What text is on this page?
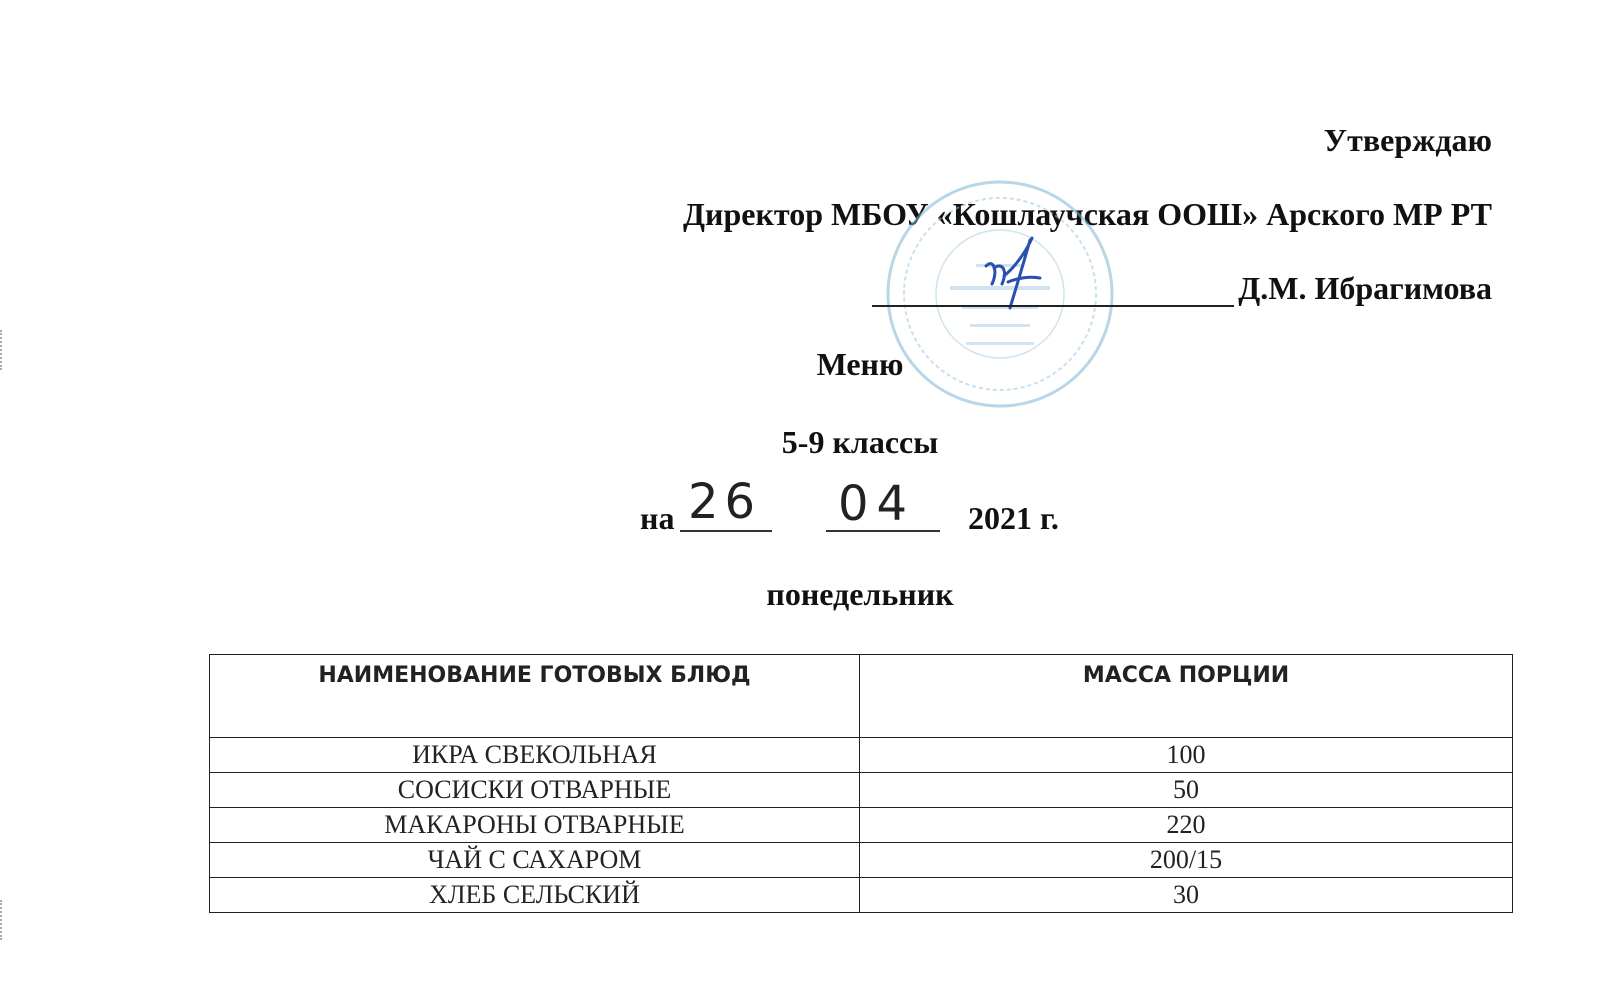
Утверждаю
Директор МБОУ «Кошлаучская ООШ» Арского МР РТ
Д.М. Ибрагимова
Меню
5-9 классы
на 26 04 2021 г.
понедельник
НАИМЕНОВАНИЕ ГОТОВЫХ БЛЮД	МАССА ПОРЦИИ
ИКРА СВЕКОЛЬНАЯ	100
СОСИСКИ ОТВАРНЫЕ	50
МАКАРОНЫ ОТВАРНЫЕ	220
ЧАЙ С САХАРОМ	200/15
ХЛЕБ СЕЛЬСКИЙ	30
